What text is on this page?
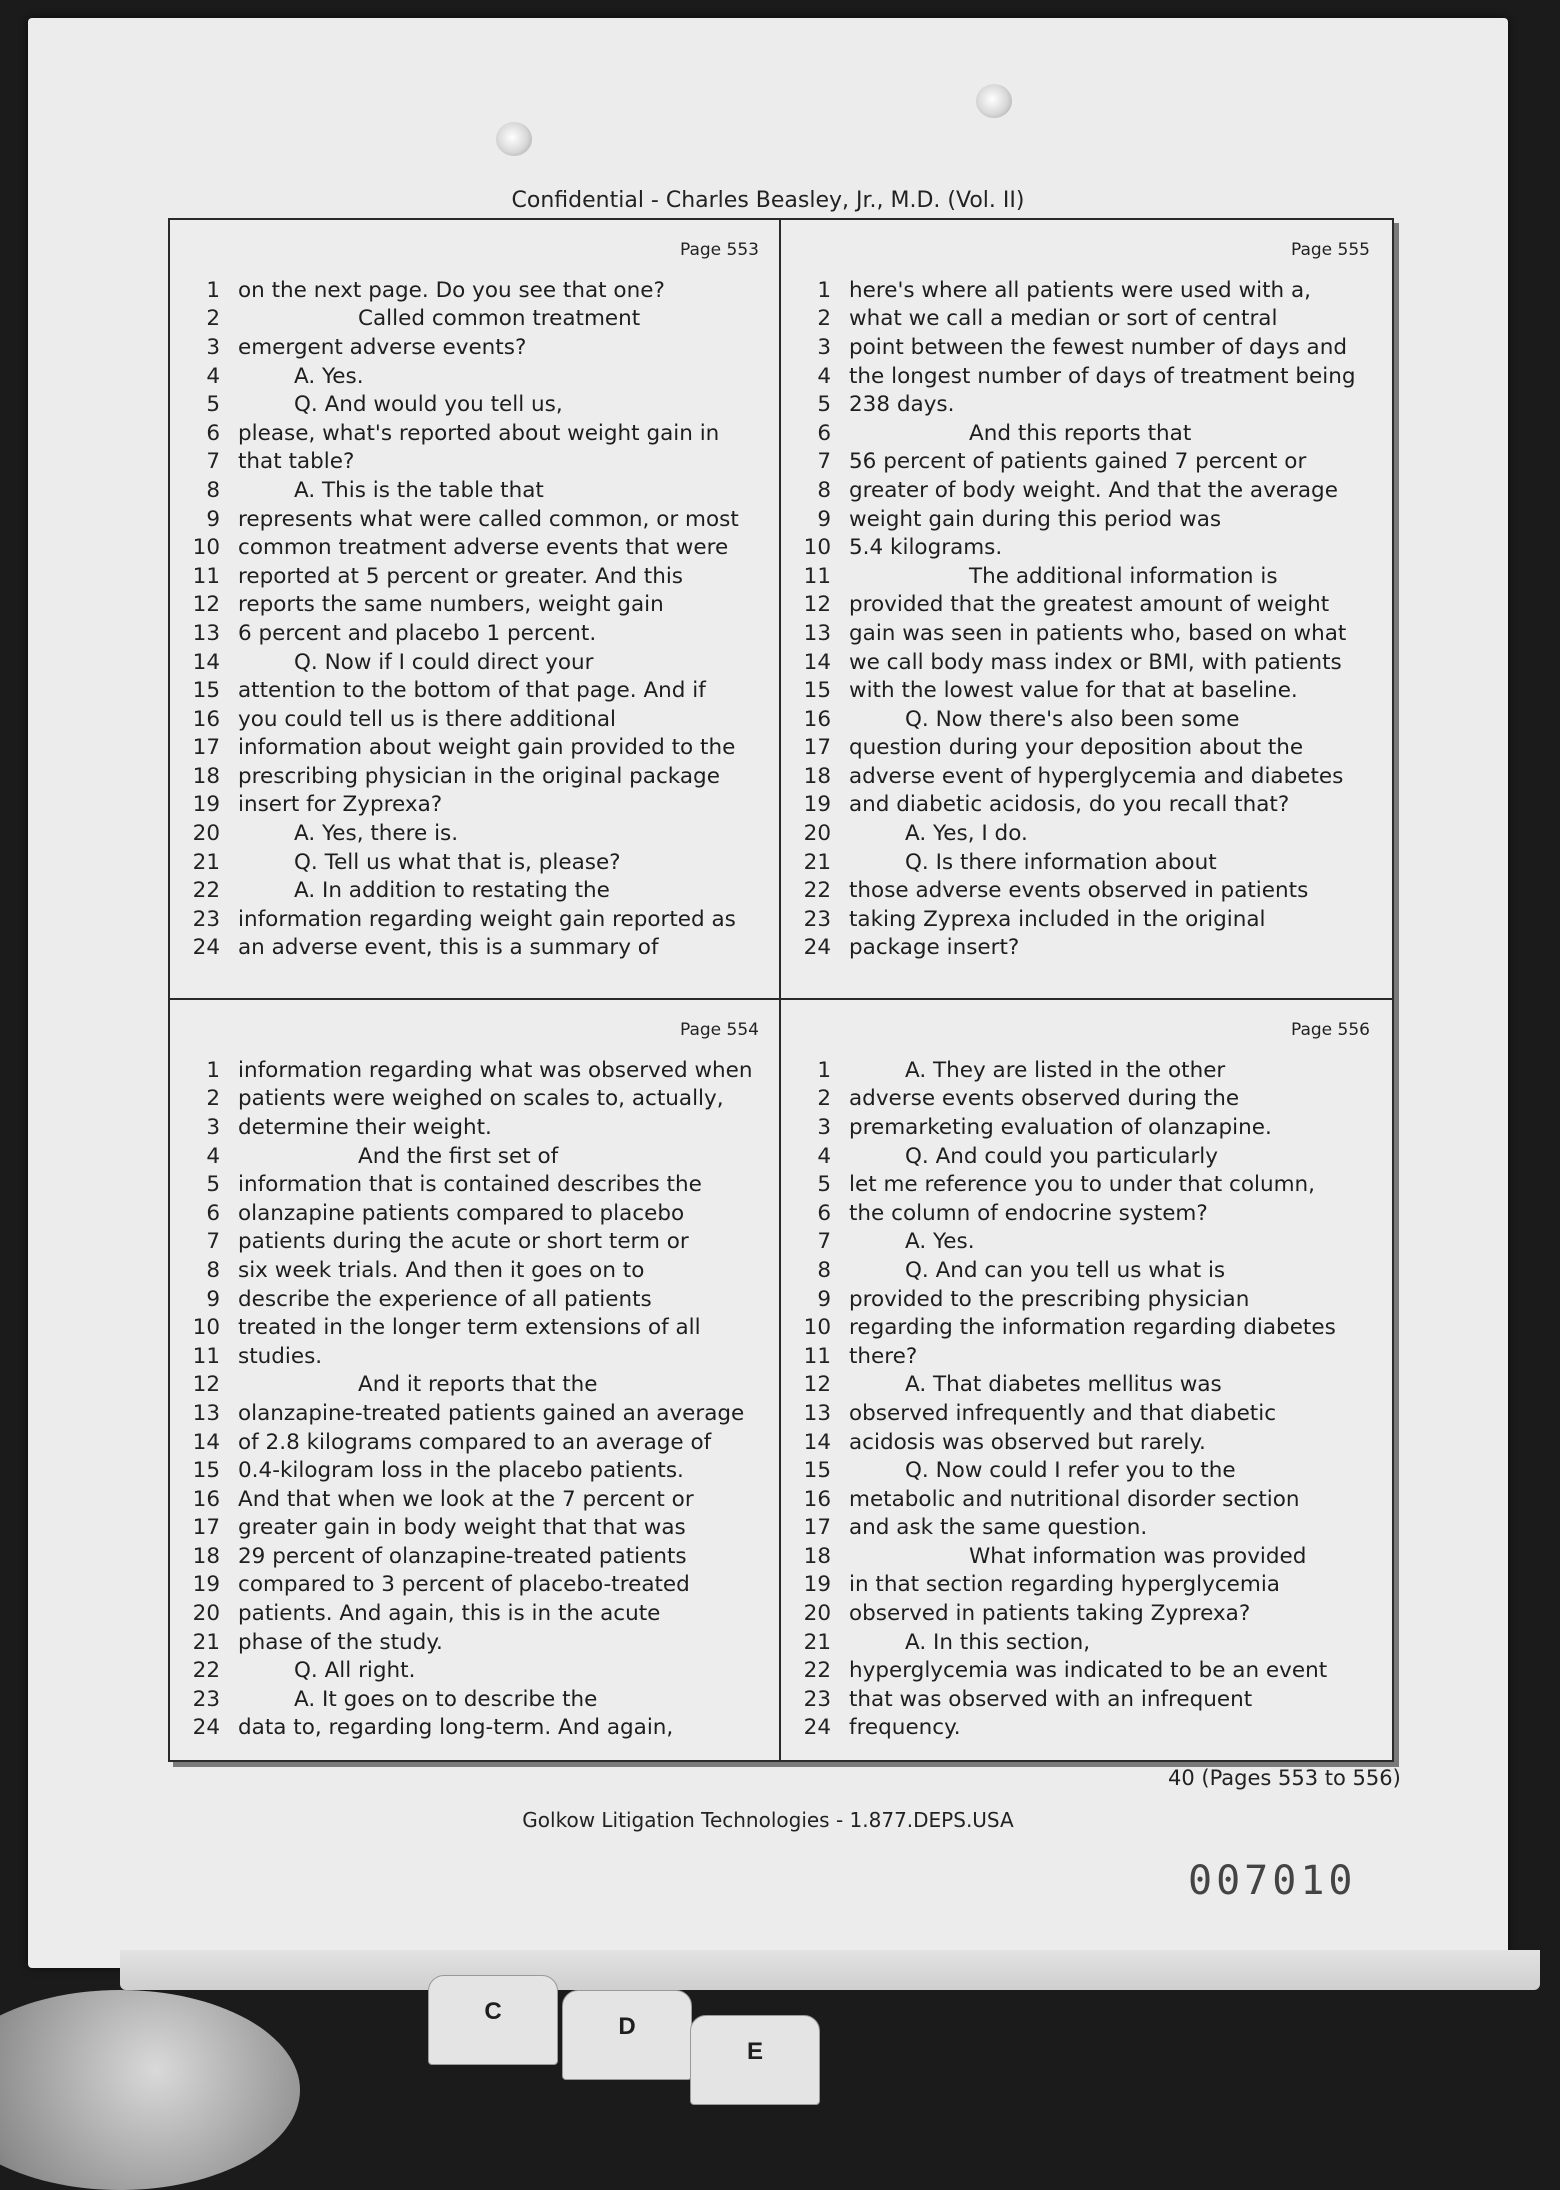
Confidential - Charles Beasley, Jr., M.D. (Vol. II)
Page 553
1 on the next page. Do you see that one?
2	Called common treatment
3 emergent adverse events?
4	A. Yes.
5	Q. And would you tell us,
6 please, what's reported about weight gain in
7 that table?
8	A. This is the table that
9 represents what were called common, or most
10 common treatment adverse events that were
11 reported at 5 percent or greater. And this
12 reports the same numbers, weight gain
13 6 percent and placebo 1 percent.
14	Q. Now if I could direct your
15 attention to the bottom of that page. And if
16 you could tell us is there additional
17 information about weight gain provided to the
18 prescribing physician in the original package
19 insert for Zyprexa?
20	A. Yes, there is.
21	Q. Tell us what that is, please?
22	A. In addition to restating the
23 information regarding weight gain reported as
24 an adverse event, this is a summary of
Page 555
1 here's where all patients were used with a,
2 what we call a median or sort of central
3 point between the fewest number of days and
4 the longest number of days of treatment being
5 238 days.
6	And this reports that
7 56 percent of patients gained 7 percent or
8 greater of body weight. And that the average
9 weight gain during this period was
10 5.4 kilograms.
11	The additional information is
12 provided that the greatest amount of weight
13 gain was seen in patients who, based on what
14 we call body mass index or BMI, with patients
15 with the lowest value for that at baseline.
16	Q. Now there's also been some
17 question during your deposition about the
18 adverse event of hyperglycemia and diabetes
19 and diabetic acidosis, do you recall that?
20	A. Yes, I do.
21	Q. Is there information about
22 those adverse events observed in patients
23 taking Zyprexa included in the original
24 package insert?
Page 554
1 information regarding what was observed when
2 patients were weighed on scales to, actually,
3 determine their weight.
4	And the first set of
5 information that is contained describes the
6 olanzapine patients compared to placebo
7 patients during the acute or short term or
8 six week trials. And then it goes on to
9 describe the experience of all patients
10 treated in the longer term extensions of all
11 studies.
12	And it reports that the
13 olanzapine-treated patients gained an average
14 of 2.8 kilograms compared to an average of
15 0.4-kilogram loss in the placebo patients.
16 And that when we look at the 7 percent or
17 greater gain in body weight that that was
18 29 percent of olanzapine-treated patients
19 compared to 3 percent of placebo-treated
20 patients. And again, this is in the acute
21 phase of the study.
22	Q. All right.
23	A. It goes on to describe the
24 data to, regarding long-term. And again,
Page 556
1	A. They are listed in the other
2 adverse events observed during the
3 premarketing evaluation of olanzapine.
4	Q. And could you particularly
5 let me reference you to under that column,
6 the column of endocrine system?
7	A. Yes.
8	Q. And can you tell us what is
9 provided to the prescribing physician
10 regarding the information regarding diabetes
11 there?
12	A. That diabetes mellitus was
13 observed infrequently and that diabetic
14 acidosis was observed but rarely.
15	Q. Now could I refer you to the
16 metabolic and nutritional disorder section
17 and ask the same question.
18	What information was provided
19 in that section regarding hyperglycemia
20 observed in patients taking Zyprexa?
21	A. In this section,
22 hyperglycemia was indicated to be an event
23 that was observed with an infrequent
24 frequency.
40 (Pages 553 to 556)
Golkow Litigation Technologies - 1.877.DEPS.USA
007010
C
D
E
